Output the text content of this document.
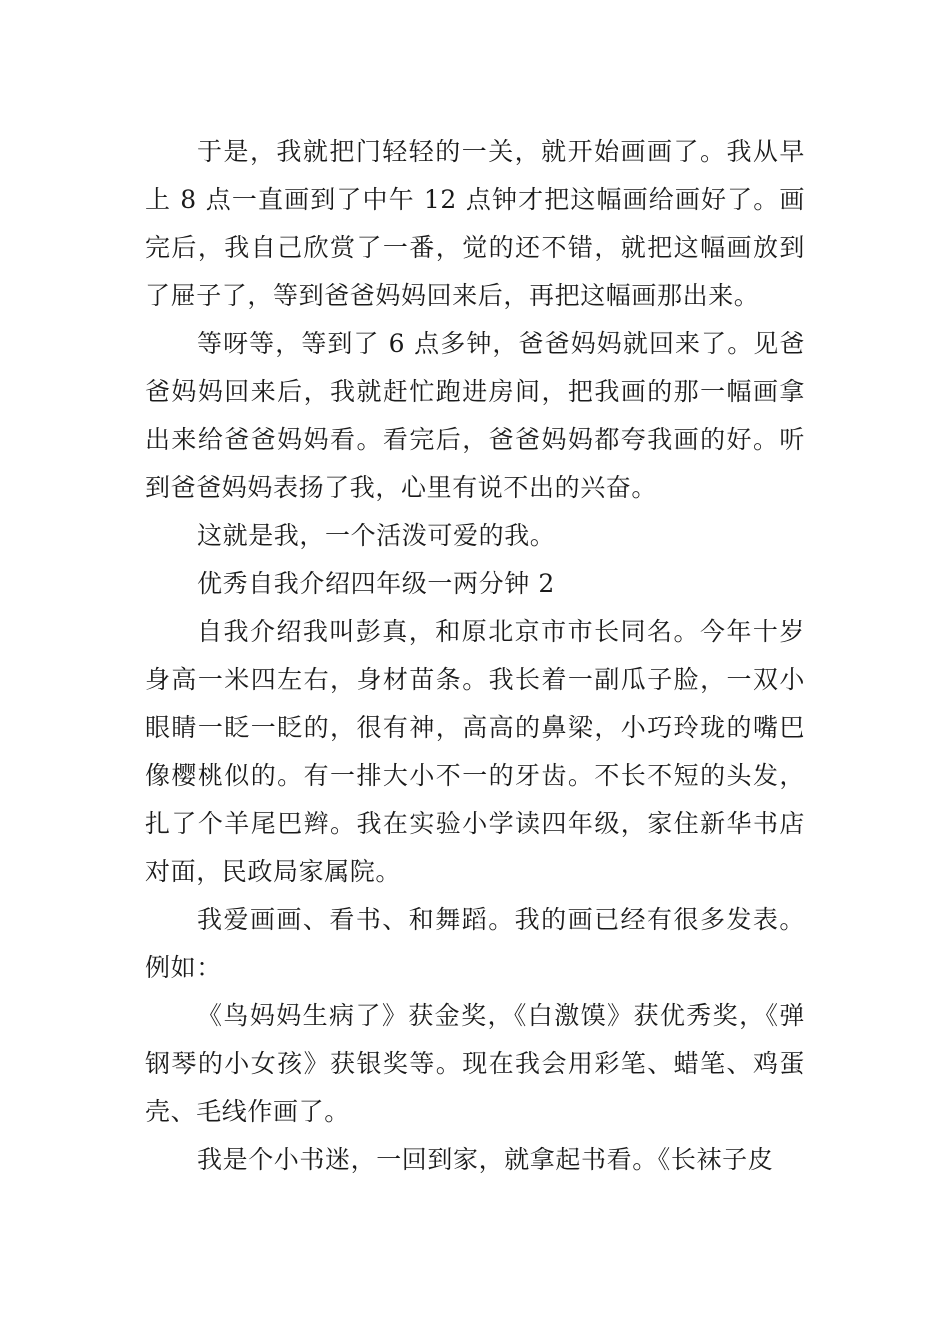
于是，我就把门轻轻的一关，就开始画画了。我从早上 8 点一直画到了中午 12 点钟才把这幅画给画好了。画完后，我自己欣赏了一番，觉的还不错，就把这幅画放到了屉子了，等到爸爸妈妈回来后，再把这幅画那出来。

等呀等，等到了 6 点多钟，爸爸妈妈就回来了。见爸爸妈妈回来后，我就赶忙跑进房间，把我画的那一幅画拿出来给爸爸妈妈看。看完后，爸爸妈妈都夸我画的好。听到爸爸妈妈表扬了我，心里有说不出的兴奋。

这就是我，一个活泼可爱的我。

优秀自我介绍四年级一两分钟 2

自我介绍我叫彭真，和原北京市市长同名。今年十岁身高一米四左右，身材苗条。我长着一副瓜子脸，一双小眼睛一眨一眨的，很有神，高高的鼻梁，小巧玲珑的嘴巴像樱桃似的。有一排大小不一的牙齿。不长不短的头发，扎了个羊尾巴辫。我在实验小学读四年级，家住新华书店对面，民政局家属院。

我爱画画、看书、和舞蹈。我的画已经有很多发表。例如：

《鸟妈妈生病了》获金奖，《白激馍》获优秀奖，《弹钢琴的小女孩》获银奖等。现在我会用彩笔、蜡笔、鸡蛋壳、毛线作画了。

我是个小书迷，一回到家，就拿起书看。《长袜子皮
